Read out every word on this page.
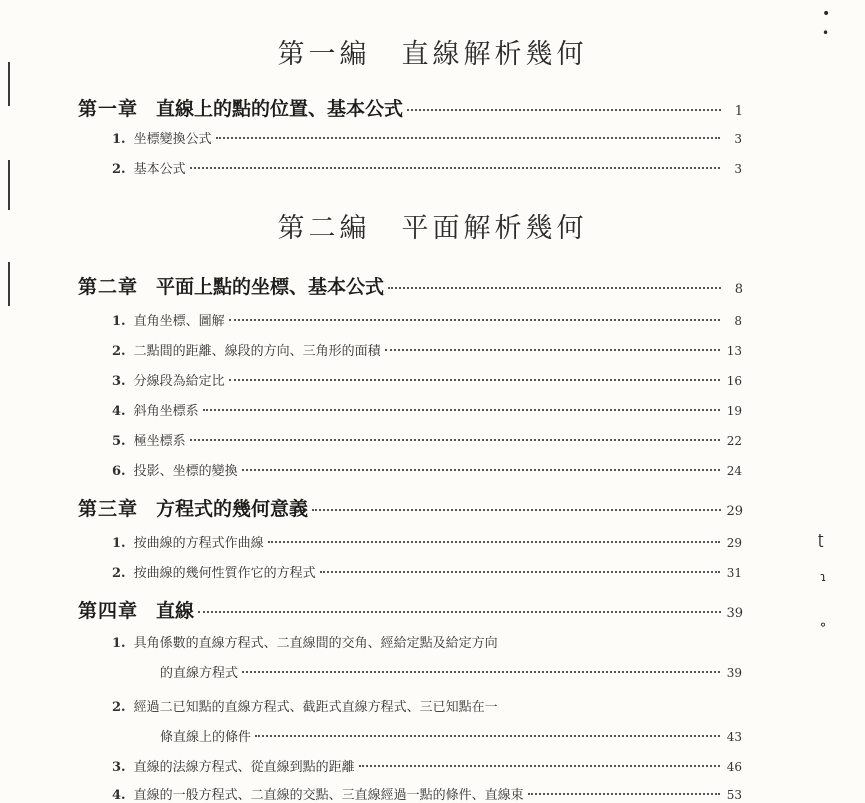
•
•
ʈ
ɿ
⚬
第一編　直線解析幾何
第一章 直線上的點的位置、基本公式	1
1. 坐標變換公式	3
2. 基本公式	3
第二編　平面解析幾何
第二章 平面上點的坐標、基本公式	8
1. 直角坐標、圖解	8
2. 二點間的距離、線段的方向、三角形的面積	13
3. 分線段為給定比	16
4. 斜角坐標系	19
5. 極坐標系	22
6. 投影、坐標的變換	24
第三章 方程式的幾何意義	29
1. 按曲線的方程式作曲線	29
2. 按曲線的幾何性質作它的方程式	31
第四章 直線	39
1. 具角係數的直線方程式、二直線間的交角、經給定點及給定方向
的直線方程式	39
2. 經過二已知點的直線方程式、截距式直線方程式、三已知點在一
條直線上的條件	43
3. 直線的法線方程式、從直線到點的距離	46
4. 直線的一般方程式、二直線的交點、三直線經過一點的條件、直線束	53
